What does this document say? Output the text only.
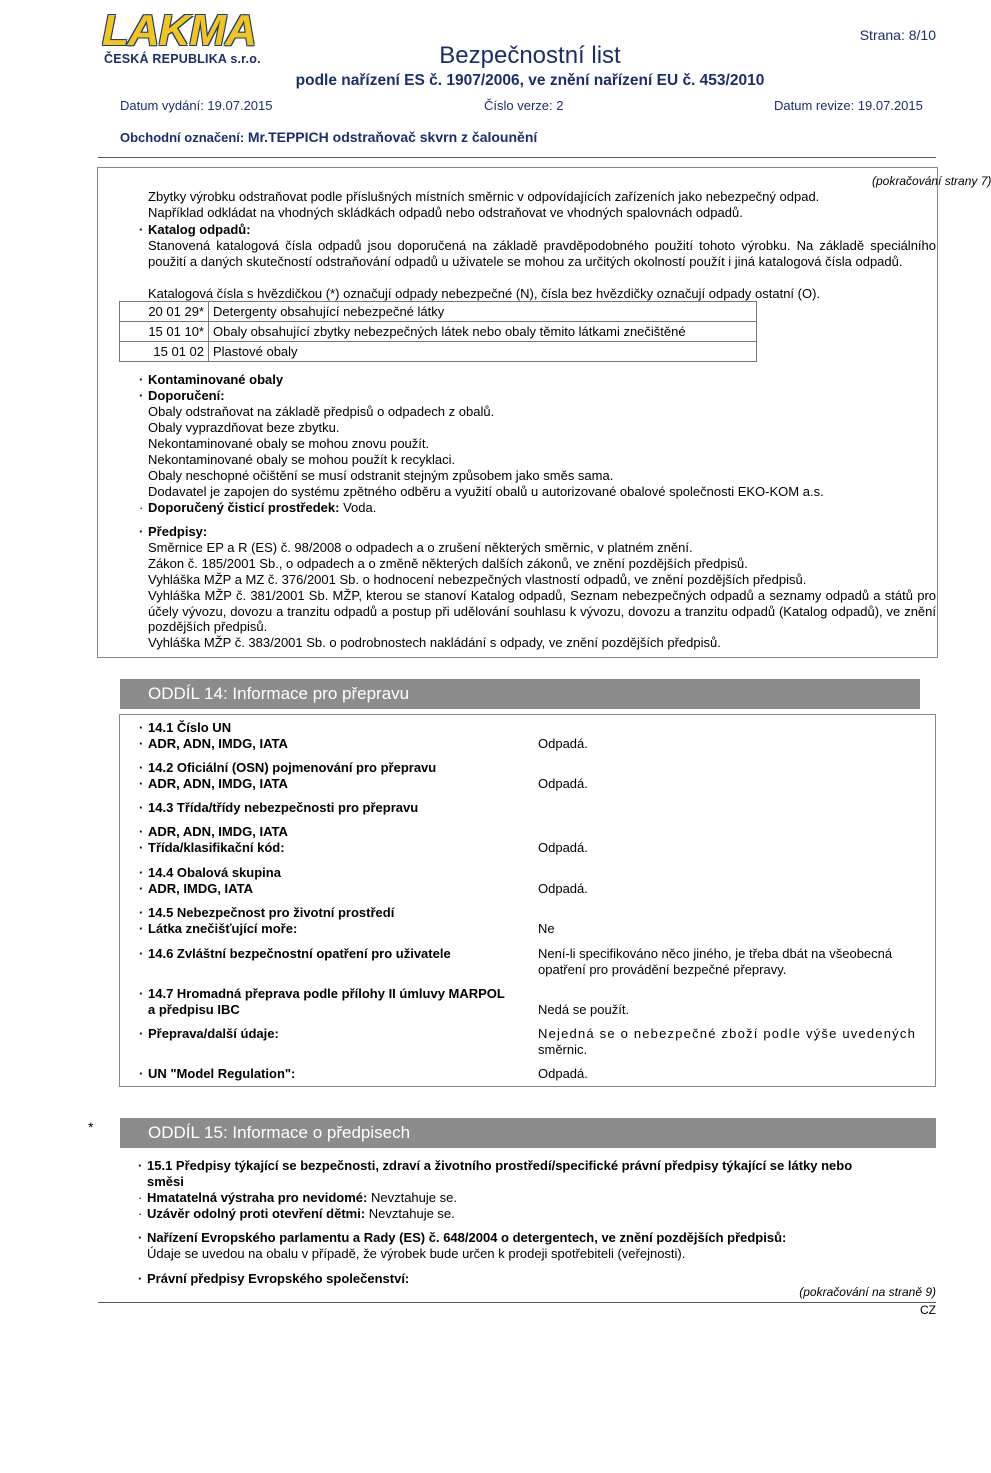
LAKMA
ČESKÁ REPUBLIKA s.r.o.	Bezpečnostní list
podle nařízení ES č. 1907/2006, ve znění nařízení EU č. 453/2010
Strana: 8/10
Datum vydání: 19.07.2015	Číslo verze: 2	Datum revize: 19.07.2015
Obchodní označení: Mr.TEPPICH odstraňovač skvrn z čalounění
(pokračování strany 7)
Zbytky výrobku odstraňovat podle příslušných místních směrnic v odpovídajících zařízeních jako nebezpečný odpad.
Například odkládat na vhodných skládkách odpadů nebo odstraňovat ve vhodných spalovnách odpadů.
· Katalog odpadů:
Stanovená katalogová čísla odpadů jsou doporučená na základě pravděpodobného použití tohoto výrobku. Na základě speciálního použití a daných skutečností odstraňování odpadů u uživatele se mohou za určitých okolností použít i jiná katalogová čísla odpadů.
Katalogová čísla s hvězdičkou (*) označují odpady nebezpečné (N), čísla bez hvězdičky označují odpady ostatní (O).
· Kontaminované obaly
· Doporučení:
Obaly odstraňovat na základě předpisů o odpadech z obalů.
Obaly vyprazdňovat beze zbytku.
Nekontaminované obaly se mohou znovu použít.
Nekontaminované obaly se mohou použít k recyklaci.
Obaly neschopné očištění se musí odstranit stejným způsobem jako směs sama.
Dodavatel je zapojen do systému zpětného odběru a využití obalů u autorizované obalové společnosti EKO-KOM a.s.
· Doporučený čisticí prostředek: Voda.
· Předpisy:
Směrnice EP a R (ES) č. 98/2008 o odpadech a o zrušení některých směrnic, v platném znění.
Zákon č. 185/2001 Sb., o odpadech a o změně některých dalších zákonů, ve znění pozdějších předpisů.
Vyhláška MŽP a MZ č. 376/2001 Sb. o hodnocení nebezpečných vlastností odpadů, ve znění pozdějších předpisů.
Vyhláška MŽP č. 381/2001 Sb. MŽP, kterou se stanoví Katalog odpadů, Seznam nebezpečných odpadů a seznamy odpadů a států pro účely vývozu, dovozu a tranzitu odpadů a postup při udělování souhlasu k vývozu, dovozu a tranzitu odpadů (Katalog odpadů), ve znění pozdějších předpisů.
Vyhláška MŽP č. 383/2001 Sb. o podrobnostech nakládání s odpady, ve znění pozdějších předpisů.
20 01 29*	Detergenty obsahující nebezpečné látky
15 01 10*	Obaly obsahující zbytky nebezpečných látek nebo obaly těmito látkami znečištěné
15 01 02	Plastové obaly
ODDÍL 14: Informace pro přepravu
· 14.1 Číslo UN
· ADR, ADN, IMDG, IATA	Odpadá.
· 14.2 Oficiální (OSN) pojmenování pro přepravu
· ADR, ADN, IMDG, IATA	Odpadá.
· 14.3 Třída/třídy nebezpečnosti pro přepravu
· ADR, ADN, IMDG, IATA
· Třída/klasifikační kód:	Odpadá.
· 14.4 Obalová skupina
· ADR, IMDG, IATA	Odpadá.
· 14.5 Nebezpečnost pro životní prostředí
· Látka znečišťující moře:	Ne
· 14.6 Zvláštní bezpečnostní opatření pro uživatele	Není-li specifikováno něco jiného, je třeba dbát na všeobecná
opatření pro provádění bezpečné přepravy.
· 14.7 Hromadná přeprava podle přílohy II úmluvy MARPOL
a předpisu IBC	Nedá se použít.
· Přeprava/další údaje:	Nejedná se o nebezpečné zboží podle výše uvedených
směrnic.
· UN "Model Regulation":	Odpadá.
*	ODDÍL 15: Informace o předpisech
· 15.1 Předpisy týkající se bezpečnosti, zdraví a životního prostředí/specifické právní předpisy týkající se látky nebo
směsi
· Hmatatelná výstraha pro nevidomé: Nevztahuje se.
· Uzávěr odolný proti otevření dětmi: Nevztahuje se.
· Nařízení Evropského parlamentu a Rady (ES) č. 648/2004 o detergentech, ve znění pozdějších předpisů:
Údaje se uvedou na obalu v případě, že výrobek bude určen k prodeji spotřebiteli (veřejnosti).
· Právní předpisy Evropského společenství:
(pokračování na straně 9)
CZ
